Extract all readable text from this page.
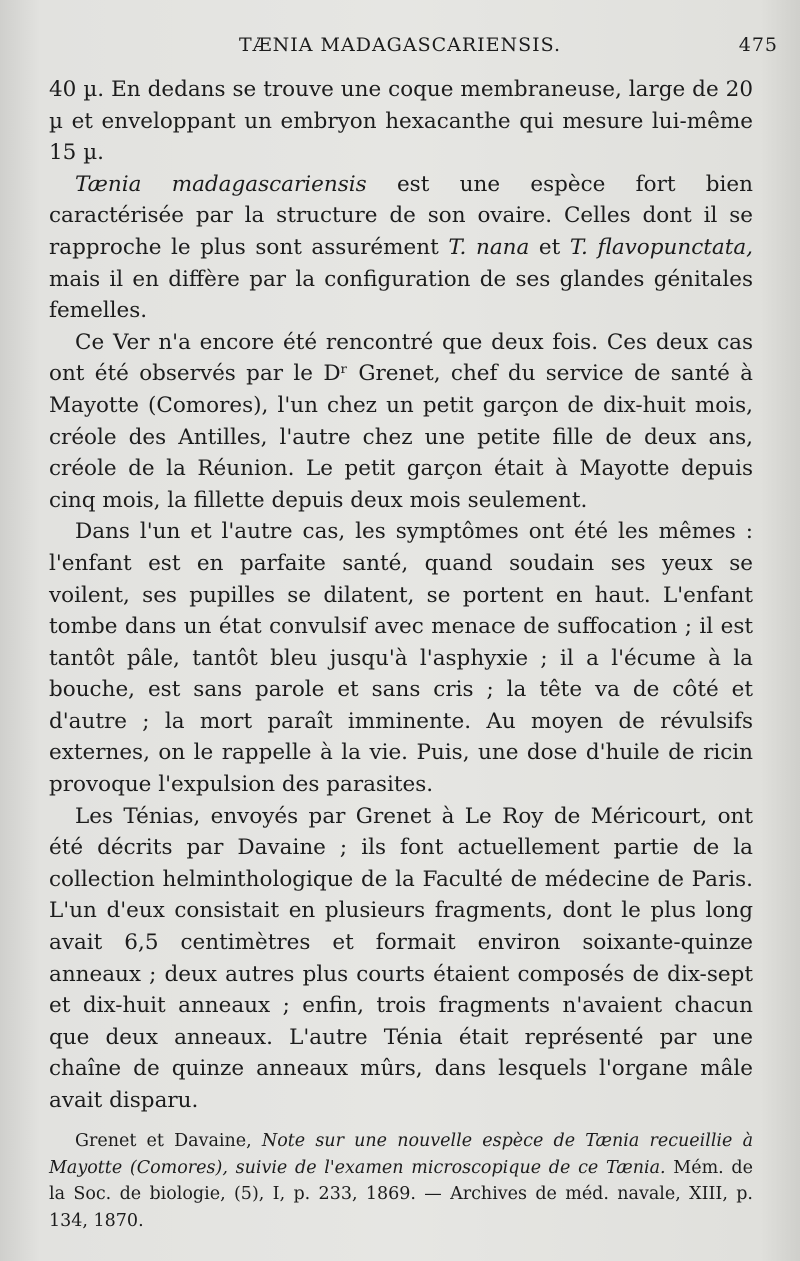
TÆNIA MADAGASCARIENSIS.	475

40 µ. En dedans se trouve une coque membraneuse, large de 20 µ et enveloppant un embryon hexacanthe qui mesure lui-même 15 µ.

Tænia madagascariensis est une espèce fort bien caractérisée par la structure de son ovaire. Celles dont il se rapproche le plus sont assurément T. nana et T. flavopunctata, mais il en diffère par la configuration de ses glandes génitales femelles.

Ce Ver n'a encore été rencontré que deux fois. Ces deux cas ont été observés par le Dʳ Grenet, chef du service de santé à Mayotte (Comores), l'un chez un petit garçon de dix-huit mois, créole des Antilles, l'autre chez une petite fille de deux ans, créole de la Réunion. Le petit garçon était à Mayotte depuis cinq mois, la fillette depuis deux mois seulement.

Dans l'un et l'autre cas, les symptômes ont été les mêmes : l'enfant est en parfaite santé, quand soudain ses yeux se voilent, ses pupilles se dilatent, se portent en haut. L'enfant tombe dans un état convulsif avec menace de suffocation ; il est tantôt pâle, tantôt bleu jusqu'à l'asphyxie ; il a l'écume à la bouche, est sans parole et sans cris ; la tête va de côté et d'autre ; la mort paraît imminente. Au moyen de révulsifs externes, on le rappelle à la vie. Puis, une dose d'huile de ricin provoque l'expulsion des parasites.

Les Ténias, envoyés par Grenet à Le Roy de Méricourt, ont été décrits par Davaine ; ils font actuellement partie de la collection helminthologique de la Faculté de médecine de Paris. L'un d'eux consistait en plusieurs fragments, dont le plus long avait 6,5 centimètres et formait environ soixante-quinze anneaux ; deux autres plus courts étaient composés de dix-sept et dix-huit anneaux ; enfin, trois fragments n'avaient chacun que deux anneaux. L'autre Ténia était représenté par une chaîne de quinze anneaux mûrs, dans lesquels l'organe mâle avait disparu.

Grenet et Davaine, Note sur une nouvelle espèce de Tænia recueillie à Mayotte (Comores), suivie de l'examen microscopique de ce Tænia. Mém. de la Soc. de biologie, (5), I, p. 233, 1869. — Archives de méd. navale, XIII, p. 134, 1870.
